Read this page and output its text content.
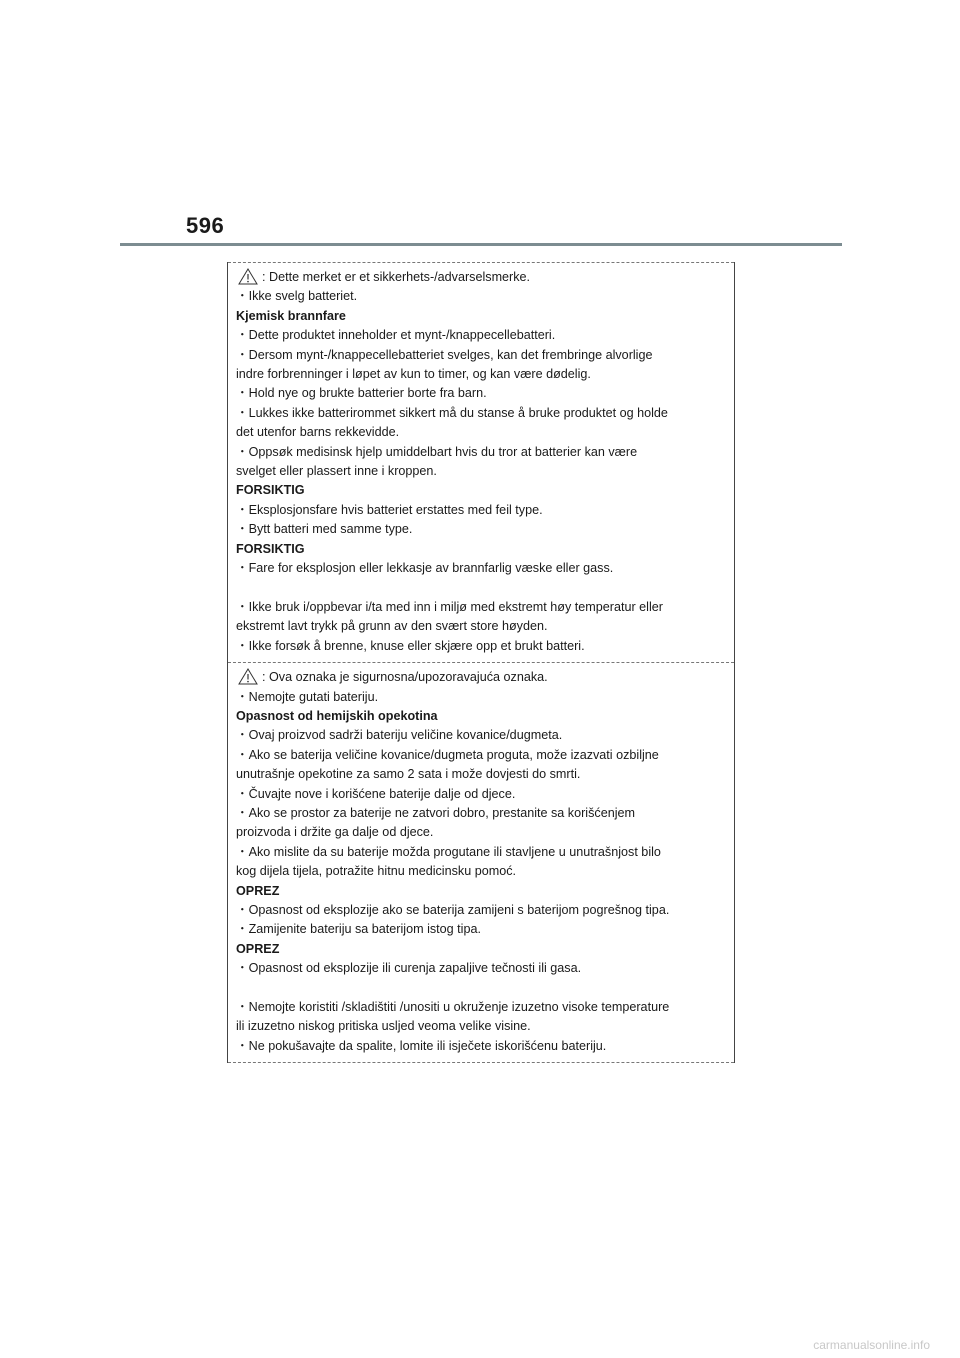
596
: Dette merket er et sikkerhets-/advarselsmerke.
・Ikke svelg batteriet.
Kjemisk brannfare
・Dette produktet inneholder et mynt-/knappecellebatteri.
・Dersom mynt-/knappecellebatteriet svelges, kan det frembringe alvorlige
indre forbrenninger i løpet av kun to timer, og kan være dødelig.
・Hold nye og brukte batterier borte fra barn.
・Lukkes ikke batterirommet sikkert må du stanse å bruke produktet og holde
det utenfor barns rekkevidde.
・Oppsøk medisinsk hjelp umiddelbart hvis du tror at batterier kan være
svelget eller plassert inne i kroppen.
FORSIKTIG
・Eksplosjonsfare hvis batteriet erstattes med feil type.
・Bytt batteri med samme type.
FORSIKTIG
・Fare for eksplosjon eller lekkasje av brannfarlig væske eller gass.
・Ikke bruk i/oppbevar i/ta med inn i miljø med ekstremt høy temperatur eller
ekstremt lavt trykk på grunn av den svært store høyden.
・Ikke forsøk å brenne, knuse eller skjære opp et brukt batteri.
: Ova oznaka je sigurnosna/upozoravajuća oznaka.
・Nemojte gutati bateriju.
Opasnost od hemijskih opekotina
・Ovaj proizvod sadrži bateriju veličine kovanice/dugmeta.
・Ako se baterija veličine kovanice/dugmeta proguta, može izazvati ozbiljne
unutrašnje opekotine za samo 2 sata i može dovjesti do smrti.
・Čuvajte nove i korišćene baterije dalje od djece.
・Ako se prostor za baterije ne zatvori dobro, prestanite sa korišćenjem
proizvoda i držite ga dalje od djece.
・Ako mislite da su baterije možda progutane ili stavljene u unutrašnjost bilo
kog dijela tijela, potražite hitnu medicinsku pomoć.
OPREZ
・Opasnost od eksplozije ako se baterija zamijeni s baterijom pogrešnog tipa.
・Zamijenite bateriju sa baterijom istog tipa.
OPREZ
・Opasnost od eksplozije ili curenja zapaljive tečnosti ili gasa.
・Nemojte koristiti /skladištiti /unositi u okruženje izuzetno visoke temperature
ili izuzetno niskog pritiska usljed veoma velike visine.
・Ne pokušavajte da spalite, lomite ili isječete iskorišćenu bateriju.
carmanualsonline.info
